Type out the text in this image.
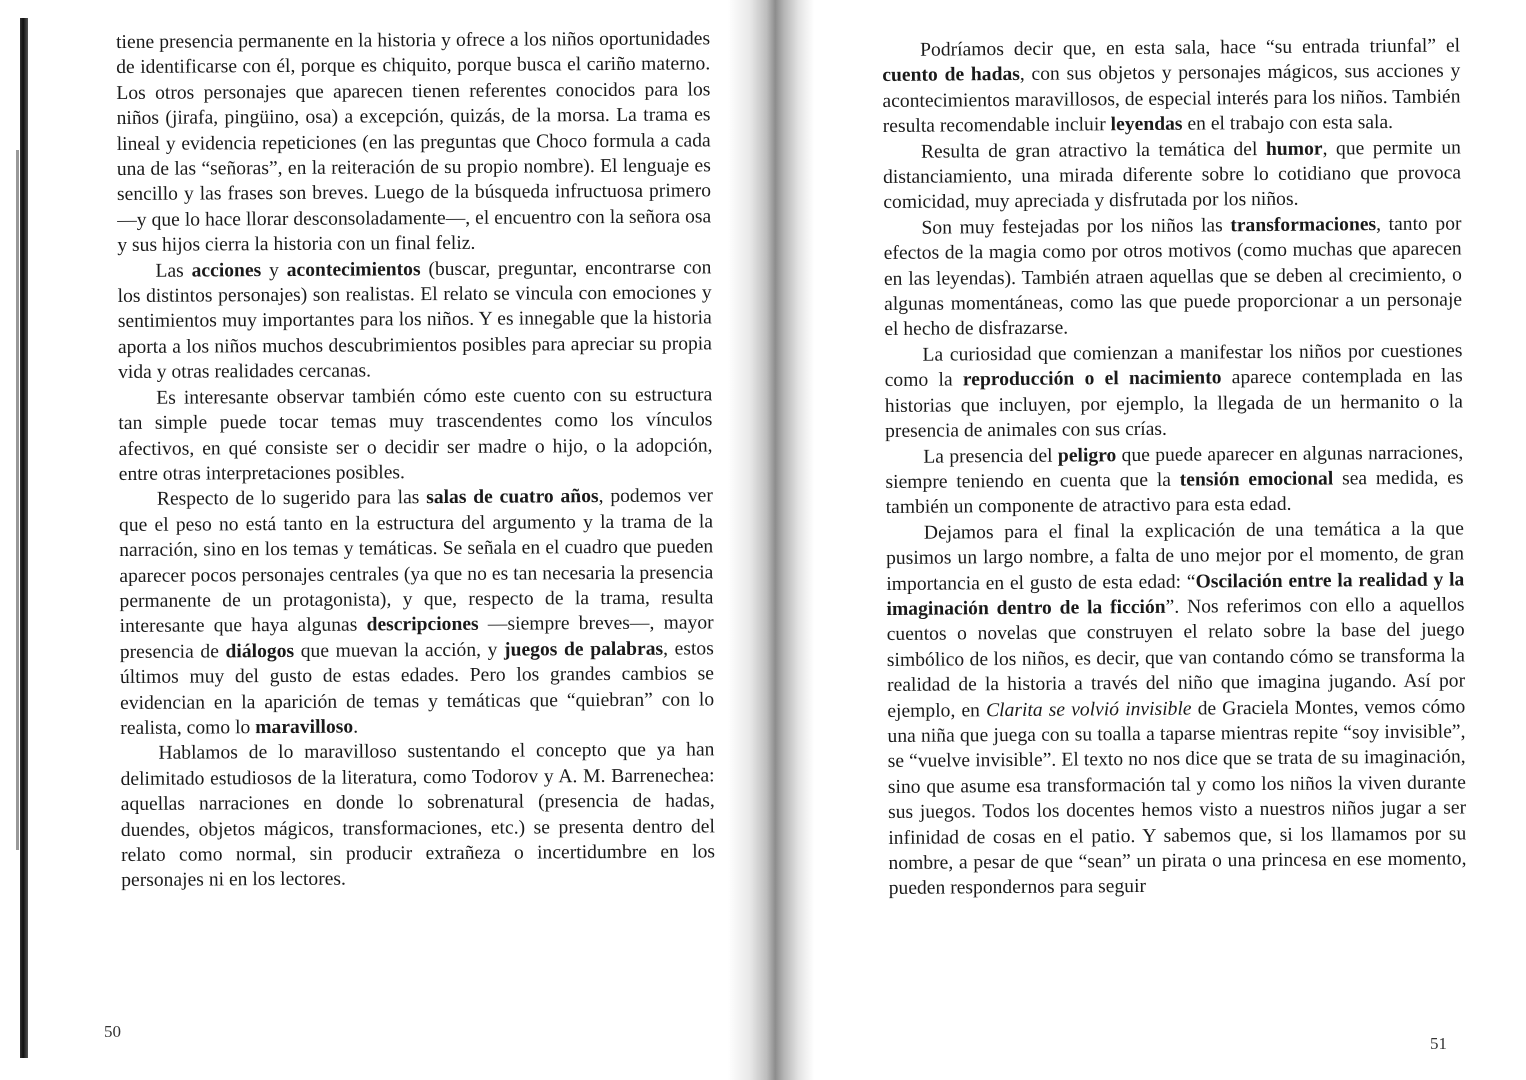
tiene presencia permanente en la historia y ofrece a los niños oportunidades de identificarse con él, porque es chiquito, porque busca el cariño materno. Los otros personajes que aparecen tienen referentes conocidos para los niños (jirafa, pingüino, osa) a excepción, quizás, de la morsa. La trama es lineal y evidencia repeticiones (en las preguntas que Choco formula a cada una de las “señoras”, en la reiteración de su propio nombre). El lenguaje es sencillo y las frases son breves. Luego de la búsqueda infructuosa primero —y que lo hace llorar desconsoladamente—, el encuentro con la señora osa y sus hijos cierra la historia con un final feliz.

Las acciones y acontecimientos (buscar, preguntar, encontrarse con los distintos personajes) son realistas. El relato se vincula con emociones y sentimientos muy importantes para los niños. Y es innegable que la historia aporta a los niños muchos descubrimientos posibles para apreciar su propia vida y otras realidades cercanas.

Es interesante observar también cómo este cuento con su estructura tan simple puede tocar temas muy trascendentes como los vínculos afectivos, en qué consiste ser o decidir ser madre o hijo, o la adopción, entre otras interpretaciones posibles.

Respecto de lo sugerido para las salas de cuatro años, podemos ver que el peso no está tanto en la estructura del argumento y la trama de la narración, sino en los temas y temáticas. Se señala en el cuadro que pueden aparecer pocos personajes centrales (ya que no es tan necesaria la presencia permanente de un protagonista), y que, respecto de la trama, resulta interesante que haya algunas descripciones —siempre breves—, mayor presencia de diálogos que muevan la acción, y juegos de palabras, estos últimos muy del gusto de estas edades. Pero los grandes cambios se evidencian en la aparición de temas y temáticas que “quiebran” con lo realista, como lo maravilloso.

Hablamos de lo maravilloso sustentando el concepto que ya han delimitado estudiosos de la literatura, como Todorov y A. M. Barrenechea: aquellas narraciones en donde lo sobrenatural (presencia de hadas, duendes, objetos mágicos, transformaciones, etc.) se presenta dentro del relato como normal, sin producir extrañeza o incertidumbre en los personajes ni en los lectores.

50

Podríamos decir que, en esta sala, hace “su entrada triunfal” el cuento de hadas, con sus objetos y personajes mágicos, sus acciones y acontecimientos maravillosos, de especial interés para los niños. También resulta recomendable incluir leyendas en el trabajo con esta sala.

Resulta de gran atractivo la temática del humor, que permite un distanciamiento, una mirada diferente sobre lo cotidiano que provoca comicidad, muy apreciada y disfrutada por los niños.

Son muy festejadas por los niños las transformaciones, tanto por efectos de la magia como por otros motivos (como muchas que aparecen en las leyendas). También atraen aquellas que se deben al crecimiento, o algunas momentáneas, como las que puede proporcionar a un personaje el hecho de disfrazarse.

La curiosidad que comienzan a manifestar los niños por cuestiones como la reproducción o el nacimiento aparece contemplada en las historias que incluyen, por ejemplo, la llegada de un hermanito o la presencia de animales con sus crías.

La presencia del peligro que puede aparecer en algunas narraciones, siempre teniendo en cuenta que la tensión emocional sea medida, es también un componente de atractivo para esta edad.

Dejamos para el final la explicación de una temática a la que pusimos un largo nombre, a falta de uno mejor por el momento, de gran importancia en el gusto de esta edad: “Oscilación entre la realidad y la imaginación dentro de la ficción”. Nos referimos con ello a aquellos cuentos o novelas que construyen el relato sobre la base del juego simbólico de los niños, es decir, que van contando cómo se transforma la realidad de la historia a través del niño que imagina jugando. Así por ejemplo, en Clarita se volvió invisible de Graciela Montes, vemos cómo una niña que juega con su toalla a taparse mientras repite “soy invisible”, se “vuelve invisible”. El texto no nos dice que se trata de su imaginación, sino que asume esa transformación tal y como los niños la viven durante sus juegos. Todos los docentes hemos visto a nuestros niños jugar a ser infinidad de cosas en el patio. Y sabemos que, si los llamamos por su nombre, a pesar de que “sean” un pirata o una princesa en ese momento, pueden respondernos para seguir

51
